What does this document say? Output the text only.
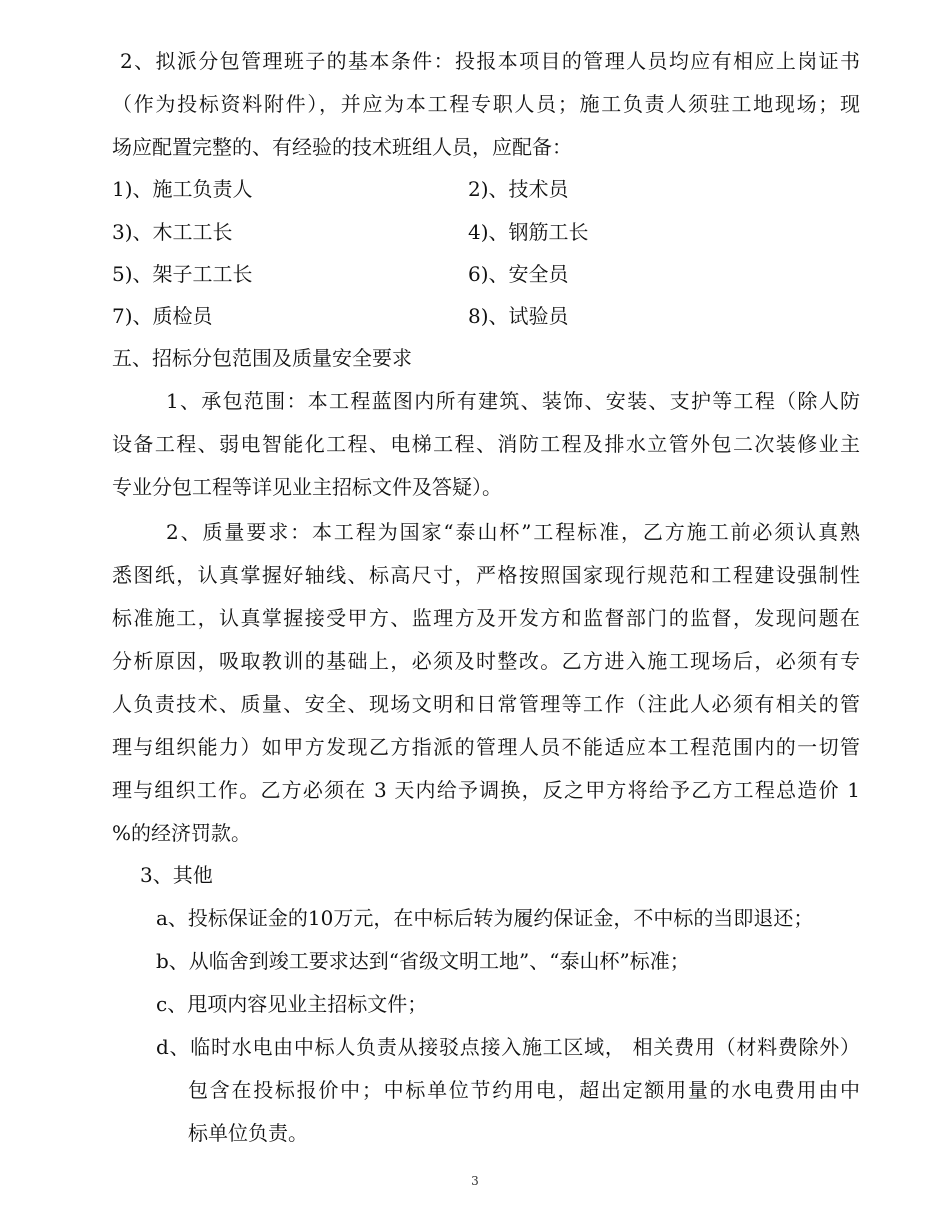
2、拟派分包管理班子的基本条件：投报本项目的管理人员均应有相应上岗证书
（作为投标资料附件），并应为本工程专职人员；施工负责人须驻工地现场；现
场应配置完整的、有经验的技术班组人员，应配备：
1)、施工负责人	2)、技术员
3)、木工工长	4)、钢筋工长
5)、架子工工长	6)、安全员
7)、质检员	8)、试验员
五、招标分包范围及质量安全要求
1、承包范围：本工程蓝图内所有建筑、装饰、安装、支护等工程（除人防
设备工程、弱电智能化工程、电梯工程、消防工程及排水立管外包二次装修业主
专业分包工程等详见业主招标文件及答疑）。
2、质量要求：本工程为国家“泰山杯”工程标准，乙方施工前必须认真熟
悉图纸，认真掌握好轴线、标高尺寸，严格按照国家现行规范和工程建设强制性
标准施工，认真掌握接受甲方、监理方及开发方和监督部门的监督，发现问题在
分析原因，吸取教训的基础上，必须及时整改。乙方进入施工现场后，必须有专
人负责技术、质量、安全、现场文明和日常管理等工作（注此人必须有相关的管
理与组织能力）如甲方发现乙方指派的管理人员不能适应本工程范围内的一切管
理与组织工作。乙方必须在 3 天内给予调换，反之甲方将给予乙方工程总造价 1
%的经济罚款。
3、其他
a、投标保证金的10万元，在中标后转为履约保证金，不中标的当即退还；
b、从临舍到竣工要求达到“省级文明工地”、“泰山杯”标准；
c、甩项内容见业主招标文件；
d、临时水电由中标人负责从接驳点接入施工区域， 相关费用（材料费除外）
包含在投标报价中；中标单位节约用电，超出定额用量的水电费用由中
标单位负责。
3
